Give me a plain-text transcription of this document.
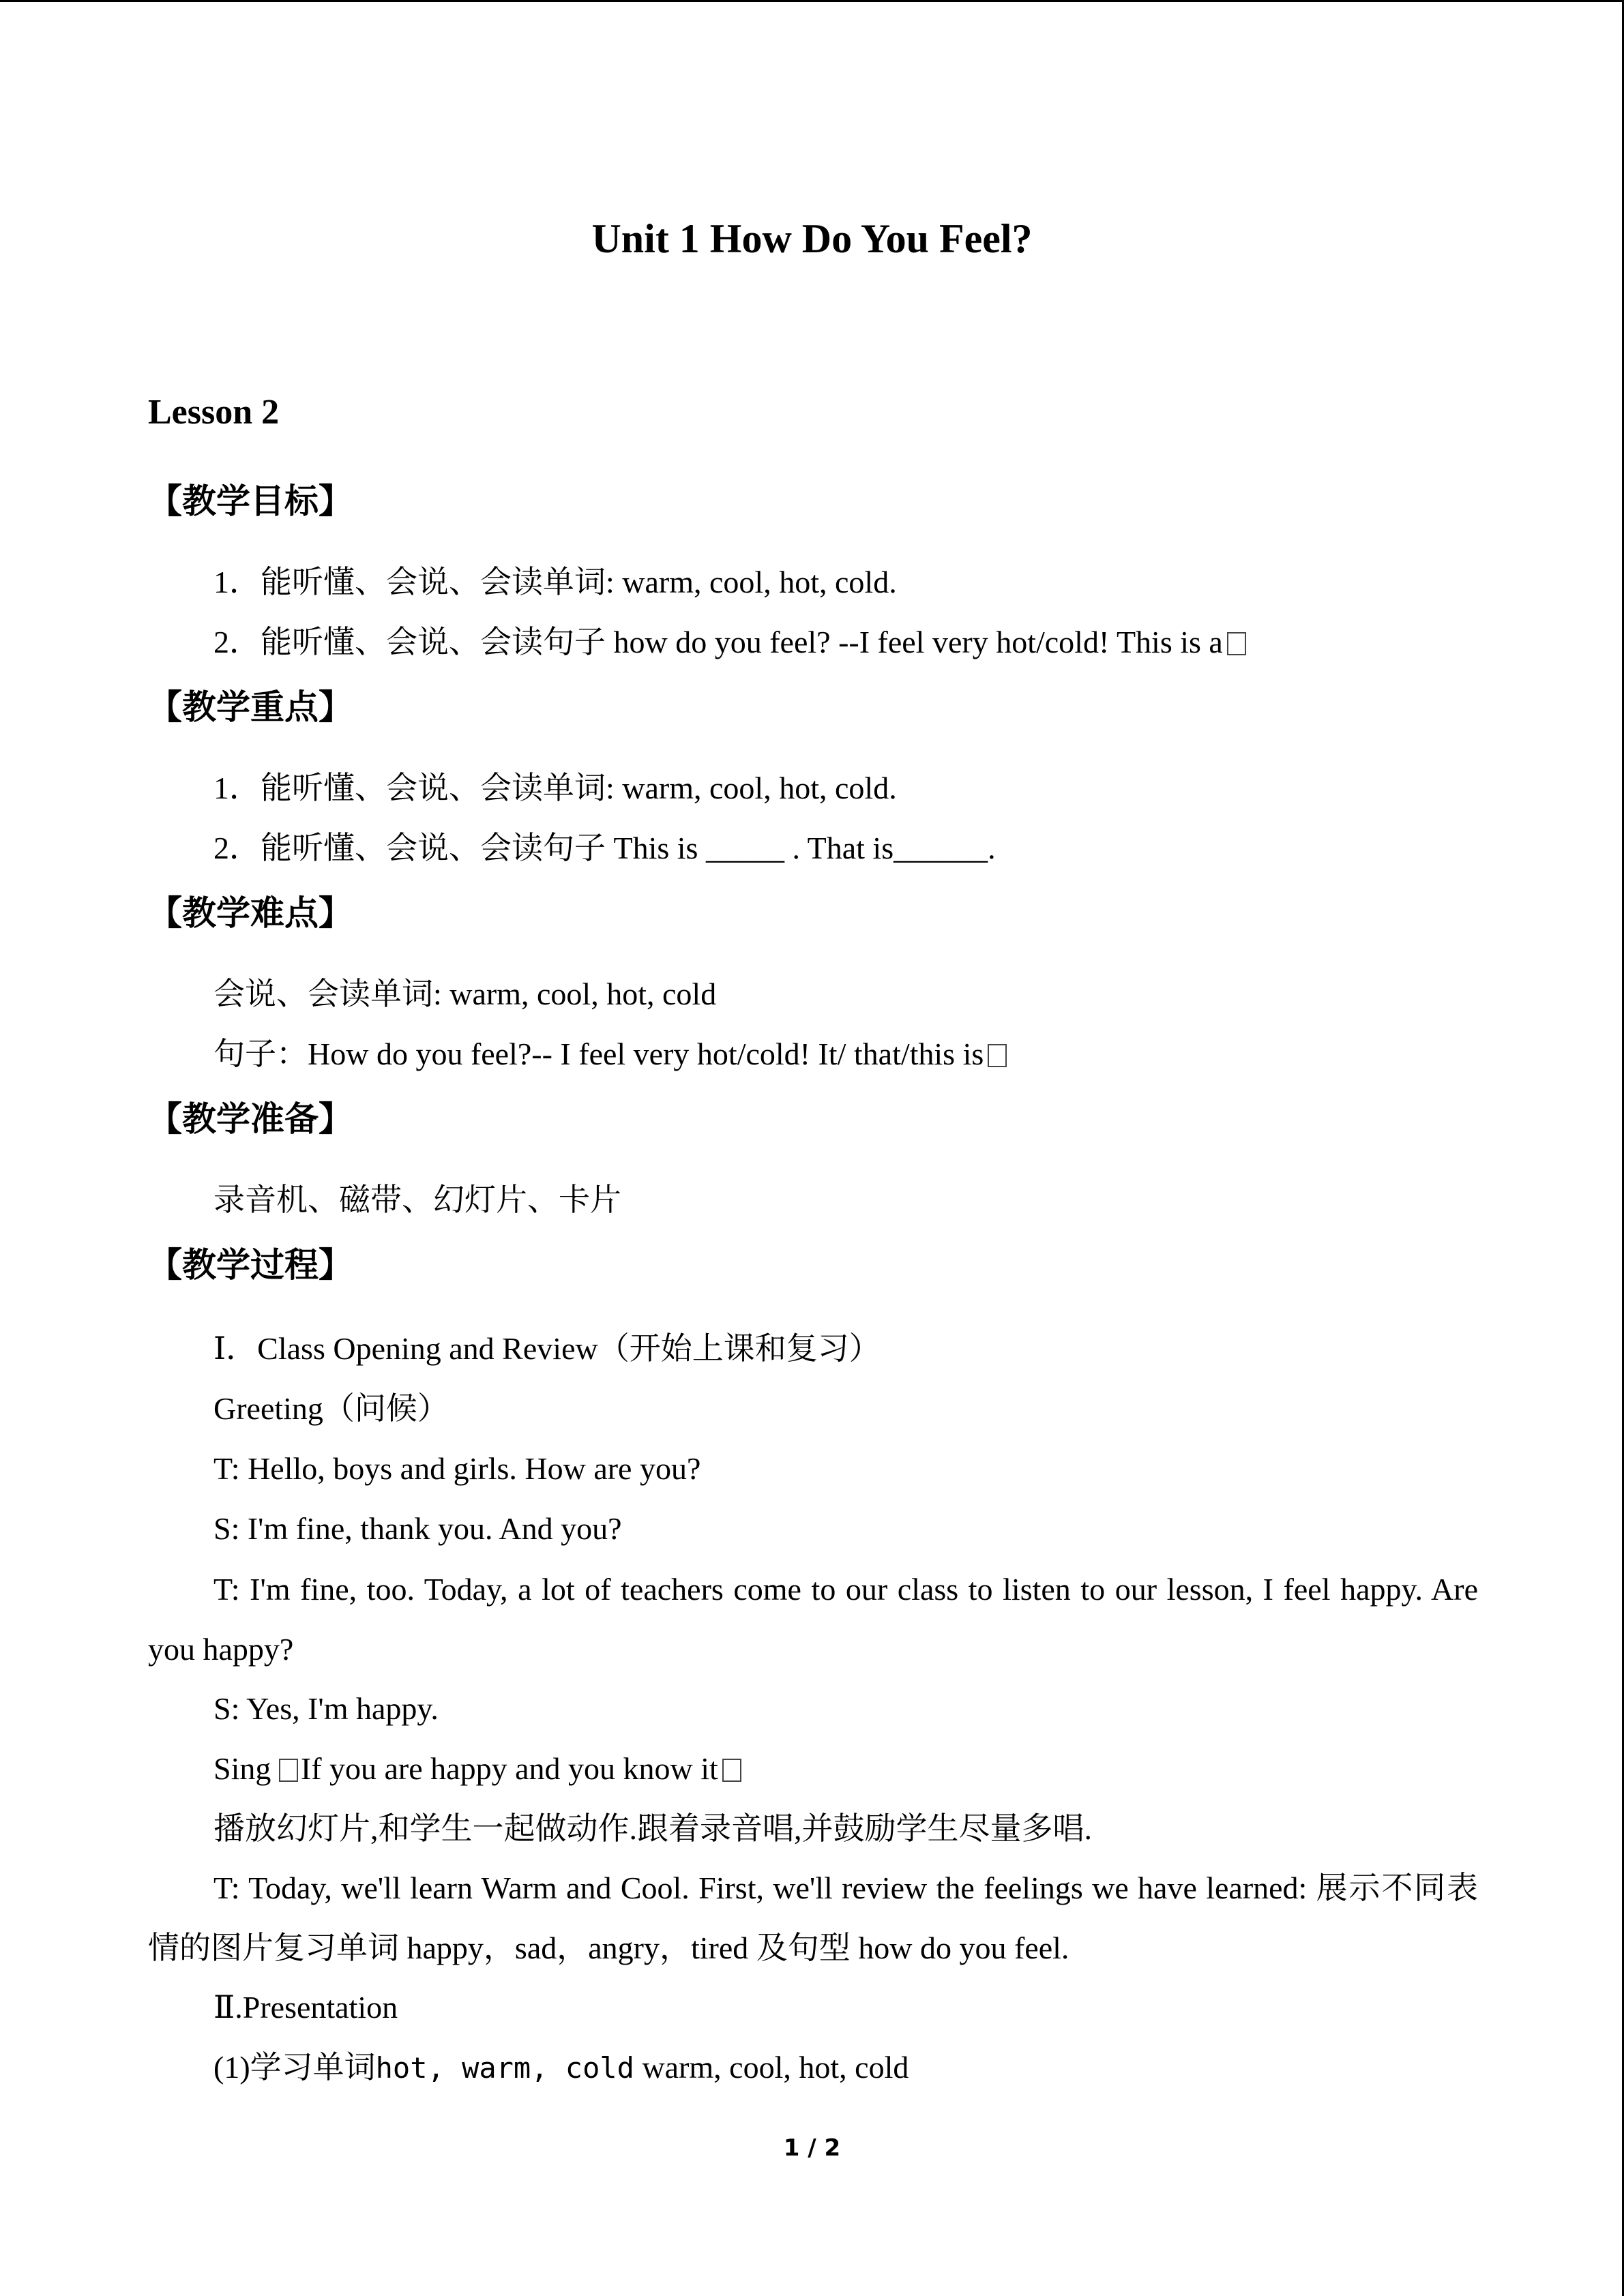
Unit 1 How Do You Feel?
Lesson 2
【教学目标】
1．能听懂、会说、会读单词: warm, cool, hot, cold.
2．能听懂、会说、会读句子 how do you feel? --I feel very hot/cold! This is a
【教学重点】
1．能听懂、会说、会读单词: warm, cool, hot, cold.
2．能听懂、会说、会读句子 This is _____ . That is______.
【教学难点】
会说、会读单词: warm, cool, hot, cold
句子：How do you feel?-- I feel very hot/cold! It/ that/this is
【教学准备】
录音机、磁带、幻灯片、卡片
【教学过程】
Ⅰ．Class Opening and Review（开始上课和复习）
Greeting（问候）
T: Hello, boys and girls. How are you?
S: I'm fine, thank you. And you?
T: I'm fine, too. Today, a lot of teachers come to our class to listen to our lesson, I feel happy. Are you happy?
S: Yes, I'm happy.
Sing If you are happy and you know it
播放幻灯片,和学生一起做动作.跟着录音唱,并鼓励学生尽量多唱.
T: Today, we'll learn Warm and Cool. First, we'll review the feelings we have learned: 展示不同表情的图片复习单词 happy，sad，angry，tired 及句型 how do you feel.
Ⅱ.Presentation
(1)学习单词hot, warm, cold warm, cool, hot, cold
1 / 2
